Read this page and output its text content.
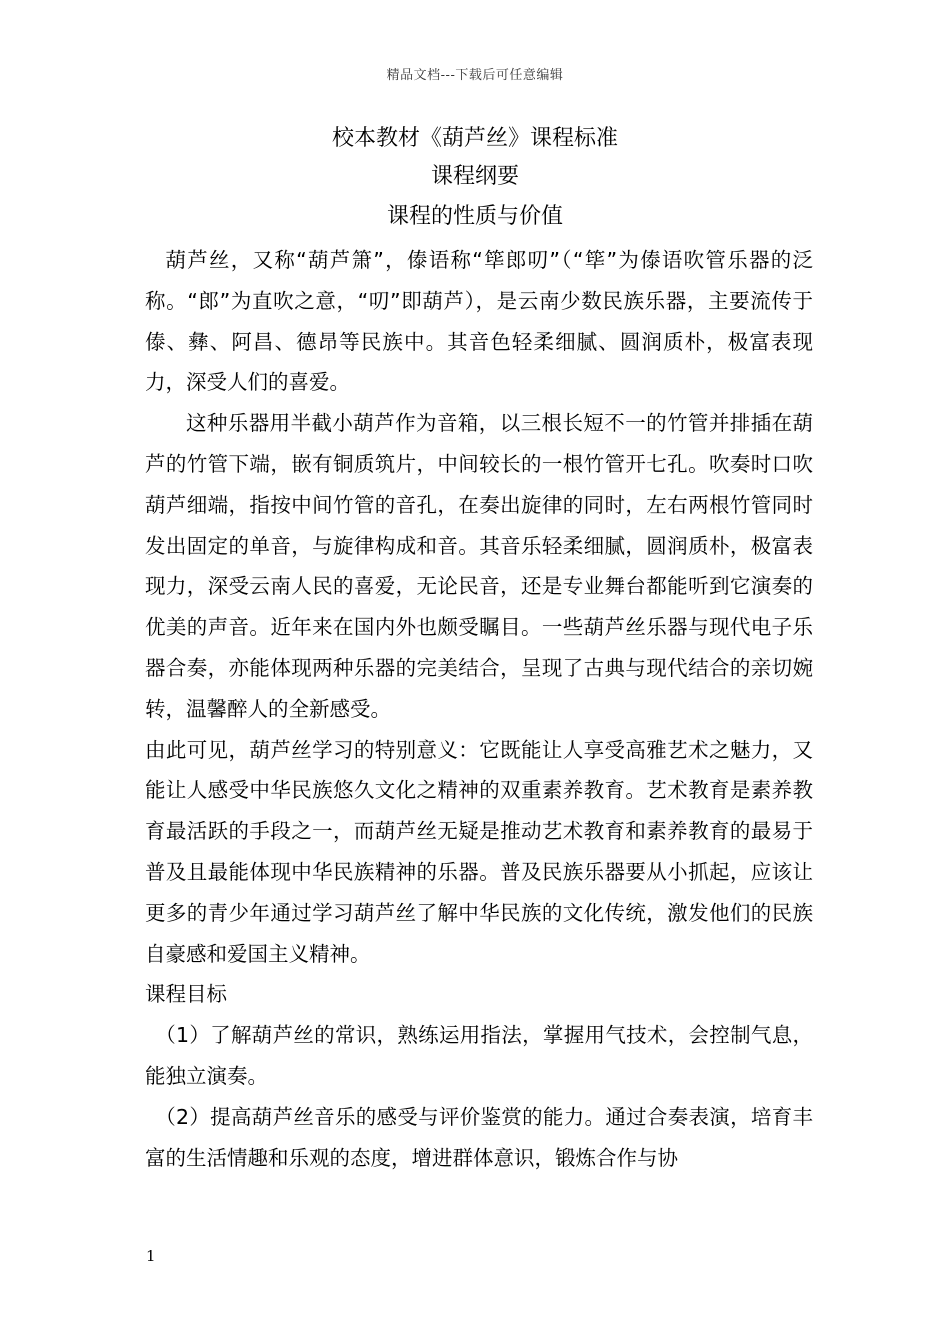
精品文档---下载后可任意编辑
校本教材《葫芦丝》课程标准
课程纲要
课程的性质与价值

葫芦丝，又称“葫芦箫”，傣语称“筚郎叨”（“筚”为傣语吹管乐器的泛称。“郎”为直吹之意，“叨”即葫芦），是云南少数民族乐器，主要流传于傣、彝、阿昌、德昂等民族中。其音色轻柔细腻、圆润质朴，极富表现力，深受人们的喜爱。

这种乐器用半截小葫芦作为音箱，以三根长短不一的竹管并排插在葫芦的竹管下端，嵌有铜质筑片，中间较长的一根竹管开七孔。吹奏时口吹葫芦细端，指按中间竹管的音孔，在奏出旋律的同时，左右两根竹管同时发出固定的单音，与旋律构成和音。其音乐轻柔细腻，圆润质朴，极富表现力，深受云南人民的喜爱，无论民音，还是专业舞台都能听到它演奏的优美的声音。近年来在国内外也颇受瞩目。一些葫芦丝乐器与现代电子乐器合奏，亦能体现两种乐器的完美结合，呈现了古典与现代结合的亲切婉转，温馨醉人的全新感受。

由此可见，葫芦丝学习的特别意义：它既能让人享受高雅艺术之魅力，又能让人感受中华民族悠久文化之精神的双重素养教育。艺术教育是素养教育最活跃的手段之一，而葫芦丝无疑是推动艺术教育和素养教育的最易于普及且最能体现中华民族精神的乐器。普及民族乐器要从小抓起，应该让更多的青少年通过学习葫芦丝了解中华民族的文化传统，激发他们的民族自豪感和爱国主义精神。

课程目标

（1）了解葫芦丝的常识，熟练运用指法，掌握用气技术，会控制气息，能独立演奏。

（2）提高葫芦丝音乐的感受与评价鉴赏的能力。通过合奏表演，培育丰富的生活情趣和乐观的态度，增进群体意识，锻炼合作与协

1
